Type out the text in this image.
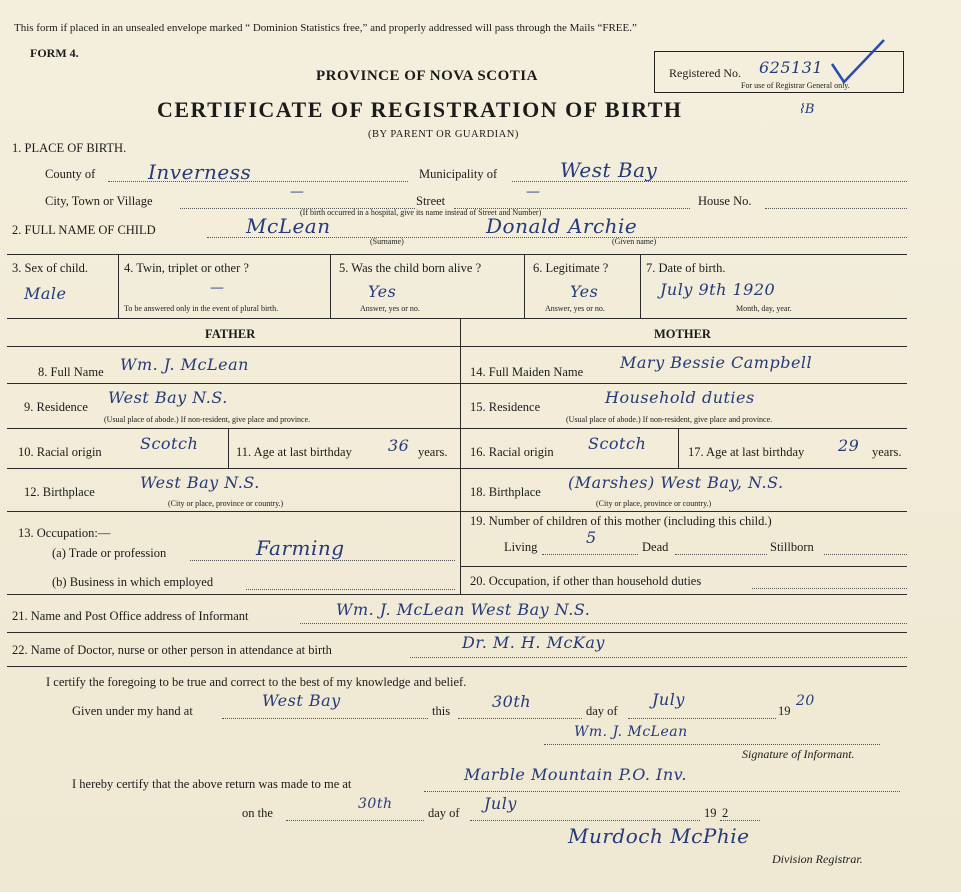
This form if placed in an unsealed envelope marked “ Dominion Statistics free,” and properly addressed will pass through the Mails “FREE.”
FORM 4.
PROVINCE OF NOVA SCOTIA
CERTIFICATE OF REGISTRATION OF BIRTH
(BY PARENT OR GUARDIAN)
Registered No. 625131
For use of Registrar General only.
⌇B
1. PLACE OF BIRTH.
County of	Inverness	Municipality of	West Bay
City, Town or Village
—
Street
—
House No.
(If birth occurred in a hospital, give its name instead of Street and Number)
2. FULL NAME OF CHILD	McLean
(Surname)
Donald Archie
(Given name)
3. Sex of child.
Male
4. Twin, triplet or other ?
—
To be answered only in the event of plural birth.
5. Was the child born alive ?
Yes
Answer, yes or no.
6. Legitimate ?
Yes
Answer, yes or no.
7. Date of birth.
July 9th 1920
Month, day, year.
FATHER	MOTHER
8. Full Name Wm. J. McLean
9. Residence West Bay N.S.
(Usual place of abode.) If non-resident, give place and province.
10. Racial origin Scotch	11. Age at last birthday 36 years.
12. Birthplace	West Bay N.S.
(City or place, province or country.)
13. Occupation:—
(a) Trade or profession	Farming
(b) Business in which employed
14. Full Maiden Name Mary Bessie Campbell
15. Residence	Household duties
(Usual place of abode.) If non-resident, give place and province.
16. Racial origin Scotch	17. Age at last birthday 29 years.
18. Birthplace (Marshes) West Bay, N.S.
(City or place, province or country.)
19. Number of children of this mother (including this child.)
Living	5	Dead	Stillborn
20. Occupation, if other than household duties
21. Name and Post Office address of Informant	Wm. J. McLean West Bay N.S.
22. Name of Doctor, nurse or other person in attendance at birth	Dr. M. H. McKay
I certify the foregoing to be true and correct to the best of my knowledge and belief.
Given under my hand at
West Bay
this	30th	day of
July
19
20
Wm. J. McLean
Signature of Informant.
I hereby certify that the above return was made to me at	Marble Mountain P.O. Inv.
on the
30th
day of July	19 2
Murdoch McPhie
Division Registrar.
